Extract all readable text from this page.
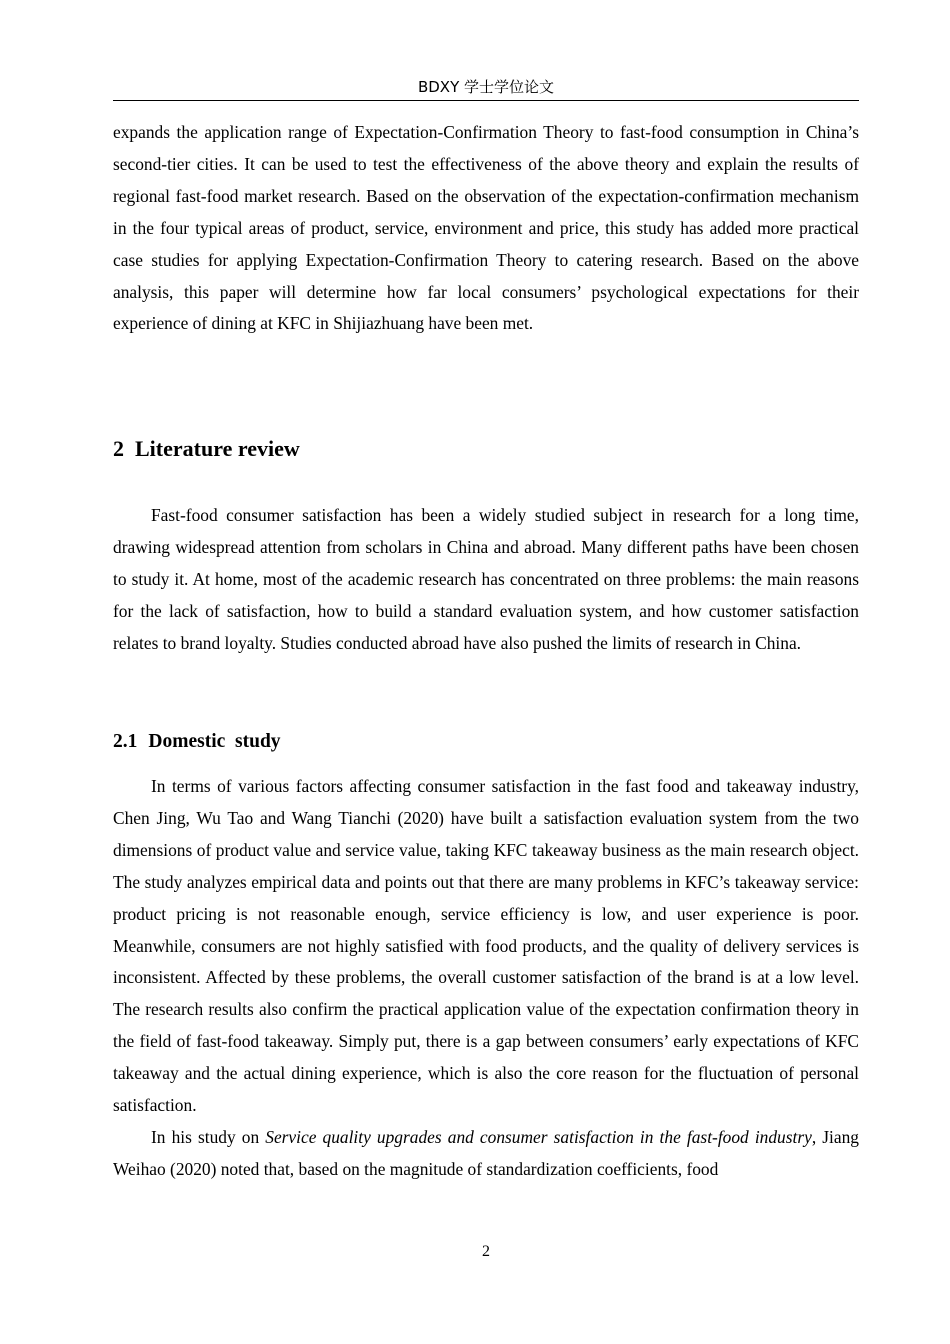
BDXY 学士学位论文

expands the application range of Expectation-Confirmation Theory to fast-food consumption in China’s second-tier cities. It can be used to test the effectiveness of the above theory and explain the results of regional fast-food market research. Based on the observation of the expectation-confirmation mechanism in the four typical areas of product, service, environment and price, this study has added more practical case studies for applying Expectation-Confirmation Theory to catering research. Based on the above analysis, this paper will determine how far local consumers’ psychological expectations for their experience of dining at KFC in Shijiazhuang have been met.

2 Literature review

Fast-food consumer satisfaction has been a widely studied subject in research for a long time, drawing widespread attention from scholars in China and abroad. Many different paths have been chosen to study it. At home, most of the academic research has concentrated on three problems: the main reasons for the lack of satisfaction, how to build a standard evaluation system, and how customer satisfaction relates to brand loyalty. Studies conducted abroad have also pushed the limits of research in China.

2.1 Domestic  study

In terms of various factors affecting consumer satisfaction in the fast food and takeaway industry, Chen Jing, Wu Tao and Wang Tianchi (2020) have built a satisfaction evaluation system from the two dimensions of product value and service value, taking KFC takeaway business as the main research object. The study analyzes empirical data and points out that there are many problems in KFC’s takeaway service: product pricing is not reasonable enough, service efficiency is low, and user experience is poor. Meanwhile, consumers are not highly satisfied with food products, and the quality of delivery services is inconsistent. Affected by these problems, the overall customer satisfaction of the brand is at a low level. The research results also confirm the practical application value of the expectation confirmation theory in the field of fast-food takeaway. Simply put, there is a gap between consumers’ early expectations of KFC takeaway and the actual dining experience, which is also the core reason for the fluctuation of personal satisfaction.

In his study on Service quality upgrades and consumer satisfaction in the fast-food industry, Jiang Weihao (2020) noted that, based on the magnitude of standardization coefficients, food

2
